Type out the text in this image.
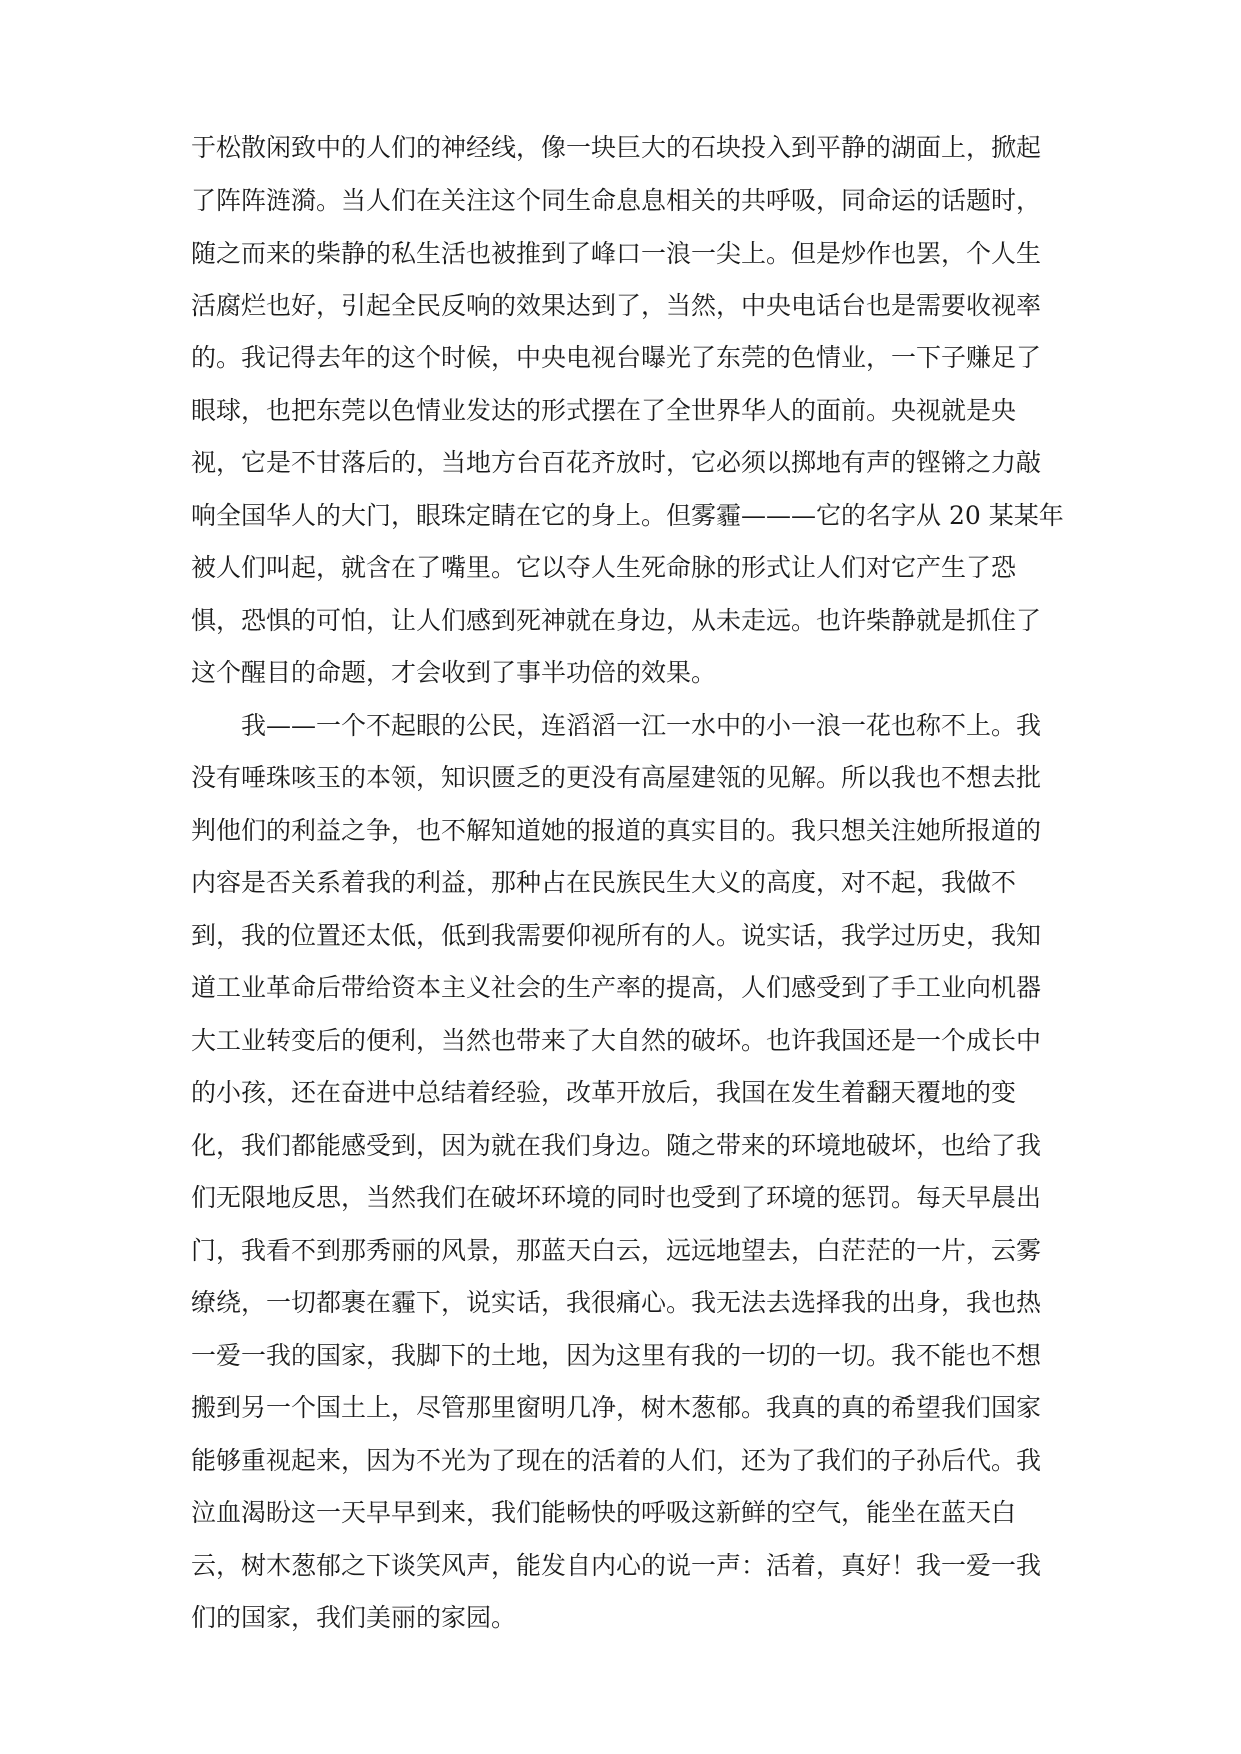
于松散闲致中的人们的神经线，像一块巨大的石块投入到平静的湖面上，掀起

了阵阵涟漪。当人们在关注这个同生命息息相关的共呼吸，同命运的话题时，

随之而来的柴静的私生活也被推到了峰口一浪一尖上。但是炒作也罢，个人生

活腐烂也好，引起全民反响的效果达到了，当然，中央电话台也是需要收视率

的。我记得去年的这个时候，中央电视台曝光了东莞的色情业，一下子赚足了

眼球，也把东莞以色情业发达的形式摆在了全世界华人的面前。央视就是央

视，它是不甘落后的，当地方台百花齐放时，它必须以掷地有声的铿锵之力敲

响全国华人的大门，眼珠定睛在它的身上。但雾霾———它的名字从 20 某某年

被人们叫起，就含在了嘴里。它以夺人生死命脉的形式让人们对它产生了恐

惧，恐惧的可怕，让人们感到死神就在身边，从未走远。也许柴静就是抓住了

这个醒目的命题，才会收到了事半功倍的效果。

我——一个不起眼的公民，连滔滔一江一水中的小一浪一花也称不上。我

没有唾珠咳玉的本领，知识匮乏的更没有高屋建瓴的见解。所以我也不想去批

判他们的利益之争，也不解知道她的报道的真实目的。我只想关注她所报道的

内容是否关系着我的利益，那种占在民族民生大义的高度，对不起，我做不

到，我的位置还太低，低到我需要仰视所有的人。说实话，我学过历史，我知

道工业革命后带给资本主义社会的生产率的提高，人们感受到了手工业向机器

大工业转变后的便利，当然也带来了大自然的破坏。也许我国还是一个成长中

的小孩，还在奋进中总结着经验，改革开放后，我国在发生着翻天覆地的变

化，我们都能感受到，因为就在我们身边。随之带来的环境地破坏，也给了我

们无限地反思，当然我们在破坏环境的同时也受到了环境的惩罚。每天早晨出

门，我看不到那秀丽的风景，那蓝天白云，远远地望去，白茫茫的一片，云雾

缭绕，一切都裹在霾下，说实话，我很痛心。我无法去选择我的出身，我也热

一爱一我的国家，我脚下的土地，因为这里有我的一切的一切。我不能也不想

搬到另一个国土上，尽管那里窗明几净，树木葱郁。我真的真的希望我们国家

能够重视起来，因为不光为了现在的活着的人们，还为了我们的子孙后代。我

泣血渴盼这一天早早到来，我们能畅快的呼吸这新鲜的空气，能坐在蓝天白

云，树木葱郁之下谈笑风声，能发自内心的说一声：活着，真好！我一爱一我

们的国家，我们美丽的家园。
